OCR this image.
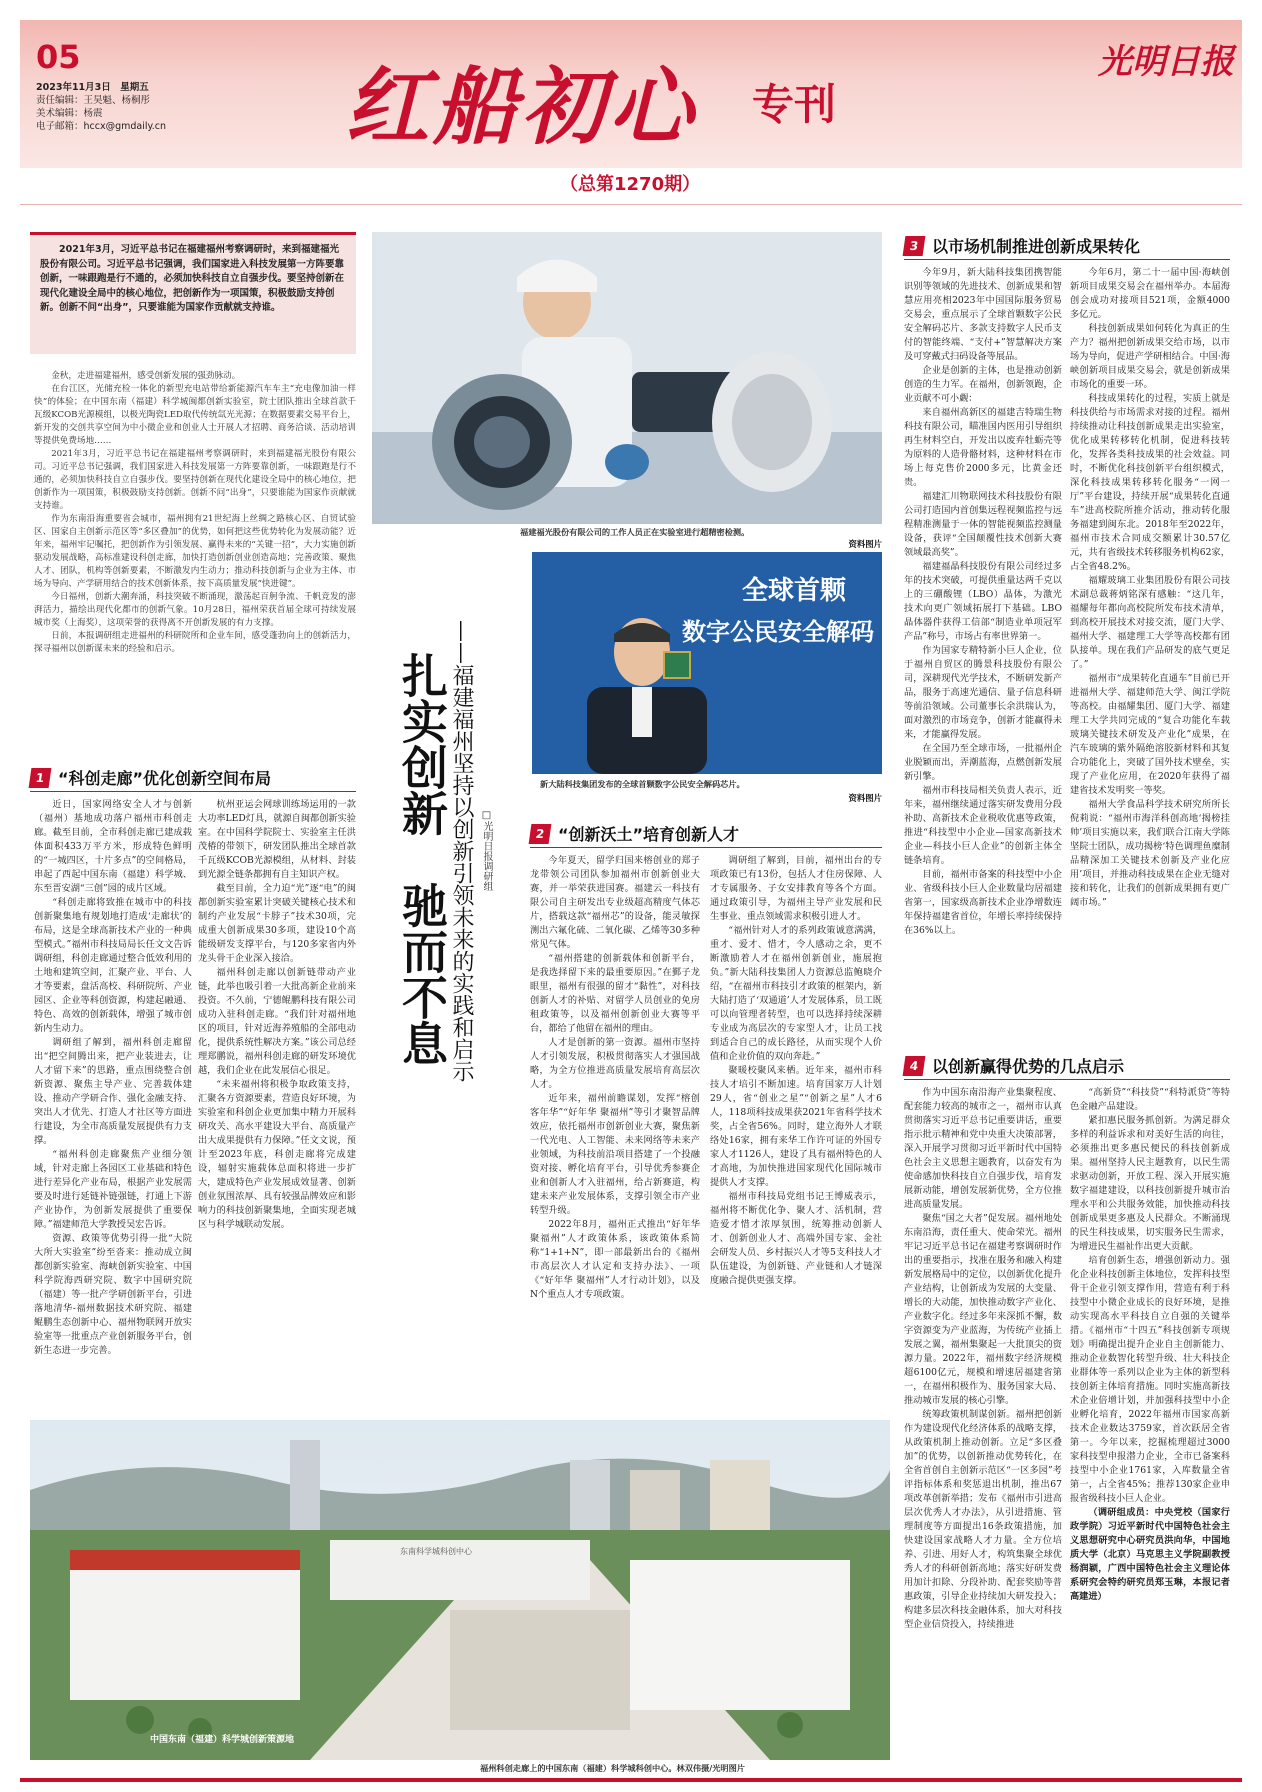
05
2023年11月3日　星期五
责任编辑：王昊魁、杨桐彤
美术编辑：杨震
电子邮箱：hccx@gmdaily.cn 红船初心 专刊
光明日报
（总第1270期）
2021年3月，习近平总书记在福建福州考察调研时，来到福建福光股份有限公司。习近平总书记强调，我们国家进入科技发展第一方阵要靠创新，一味跟跑是行不通的，必须加快科技自立自强步伐。要坚持创新在现代化建设全局中的核心地位，把创新作为一项国策，积极鼓励支持创新。创新不问“出身”，只要谁能为国家作贡献就支持谁。

金秋，走进福建福州，感受创新发展的强劲脉动。

在台江区，光储充检一体化的新型充电站带给新能源汽车车主“充电像加油一样快”的体验；在中国东南（福建）科学城闽都创新实验室，院士团队推出全球首款千瓦级KCOB光源模组，以极光陶瓷LED取代传统氙光光源；在数据要素交易平台上，新开发的交创共享空间为中小微企业和创业人士开展人才招聘、商务洽谈、活动培训等提供免费场地……

2021年3月，习近平总书记在福建福州考察调研时，来到福建福光股份有限公司。习近平总书记强调，我们国家进入科技发展第一方阵要靠创新，一味跟跑是行不通的，必须加快科技自立自强步伐。要坚持创新在现代化建设全局中的核心地位，把创新作为一项国策，积极鼓励支持创新。创新不问“出身”，只要谁能为国家作贡献就支持谁。

作为东南沿海重要省会城市，福州拥有21世纪海上丝绸之路核心区、自贸试验区、国家自主创新示范区等“多区叠加”的优势，如何把这些优势转化为发展动能？近年来，福州牢记嘱托，把创新作为引领发展、赢得未来的“关键一招”，大力实施创新驱动发展战略，高标准建设科创走廊，加快打造创新创业创造高地；完善政策、聚焦人才、团队，机构等创新要素，不断激发内生动力；推动科技创新与企业为主体、市场为导向、产学研用结合的技术创新体系，按下高质量发展“快进键”。

今日福州，创新大潮奔涌，科技突破不断涌现，激荡起百舸争流、千帆竞发的澎湃活力，描绘出现代化都市的创新气象。10月28日，福州荣获首届全球可持续发展城市奖（上海奖），这项荣誉的获得离不开创新发展的有力支撑。

日前，本报调研组走进福州的科研院所和企业车间，感受蓬勃向上的创新活力，探寻福州以创新谋未来的经验和启示。

扎实创新　驰而不息 ——福建福州坚持以创新引领未来的实践和启示 □光明日报调研组
福建福光股份有限公司的工作人员正在实验室进行超精密检测。
资料图片
全球首颗
数字公民安全解码
新大陆科技集团发布的全球首颗数字公民安全解码芯片。
资料图片
1 “科创走廊”优化创新空间布局

近日，国家网络安全人才与创新（福州）基地成功落户福州市科创走廊。截至目前，全市科创走廊已建成载体面积433万平方米，形成特色鲜明的“一城四区，十片多点”的空间格局，串起了西起中国东南（福建）科学城、东至晋安湖“三创”园的成片区域。

“科创走廊将致推在城市中的科技创新聚集地有规划地打造成‘走廊状’的布局，这是全球高新技术产业的一种典型模式。”福州市科技局局长任文文告诉调研组，科创走廊通过整合低效利用的土地和建筑空间，汇聚产业、平台、人才等要素，盘活高校、科研院所、产业园区、企业等科创资源，构建起融通、特色、高效的创新载体，增强了城市创新内生动力。

调研组了解到，福州科创走廊留出“把空间腾出来，把产业装进去，让人才留下来”的思路，重点围绕整合创新资源、聚焦主导产业、完善载体建设、推动产学研合作、强化金融支持、突出人才优先、打造人才社区等方面进行建设，为全市高质量发展提供有力支撑。

“福州科创走廊聚焦产业细分领域，针对走廊上各园区工业基础和特色进行差异化产业布局，根据产业发展需要及时进行延链补链强链，打通上下游产业协作，为创新发展提供了重要保障。”福建师范大学教授吴宏告诉。

资源、政策等优势引得一批“大院大所大实验室”纷至沓来：推动成立闽都创新实验室、海峡创新实验室、中国科学院海西研究院、数字中国研究院（福建）等一批产学研创新平台，引进落地清华-福州数据技术研究院、福建鲲鹏生态创新中心、福州物联网开放实验室等一批重点产业创新服务平台，创新生态进一步完善。

杭州亚运会网球训练场运用的一款大功率LED灯具，就源自闽都创新实验室。在中国科学院院士、实验室主任洪茂椿的带领下，研发团队推出全球首款千瓦级KCOB光源模组，从材料、封装到光源全链条都拥有自主知识产权。

截至目前，全力迫“光”逐“电”的闽都创新实验室累计突破关键核心技术和制约产业发展“卡脖子”技术30项，完成重大创新成果30多项，建设10个高能级研发支撑平台，与120多家省内外龙头骨干企业深入接洽。

福州科创走廊以创新链带动产业链，此举也吸引着一大批高新企业前来投资。不久前，宁德鲲鹏科技有限公司成功入驻科创走廊。“我们针对福州地区的项目，针对近海养殖船的全部电动化，提供系统性解决方案。”该公司总经理郑鹏说，福州科创走廊的研发环境优越，我们企业在此发展信心很足。

“未来福州将积极争取政策支持，汇聚各方资源要素，营造良好环境，为实验室和科创企业更加集中精力开展科研攻关、高水平建设大平台、高质量产出大成果提供有力保障。”任文文说，预计至2023年底，科创走廊将完成建设，辐射实施载体总面积将进一步扩大，建成特色产业发展成效显著、创新创业氛围浓厚、具有较强品牌效应和影响力的科技创新聚集地，全面实现老城区与科学城联动发展。

2 “创新沃土”培育创新人才

今年夏天，留学归国来榕创业的郑子龙带领公司团队参加福州市创新创业大赛，并一举荣获进国赛。福建云一科技有限公司自主研发出专业级超高精度气体芯片，搭载这款“福州芯”的设备，能灵敏探测出六氟化硫、二氧化碳、乙烯等30多种常见气体。

“福州搭建的创新载体和创新平台，是我选择留下来的最重要原因。”在鄞子龙眼里，福州有很强的留才“黏性”，对科技创新人才的补贴、对留学人员创业的免房租政策等，以及福州创新创业大赛等平台，都给了他留在福州的理由。

人才是创新的第一资源。福州市坚持人才引领发展，积极贯彻落实人才强国战略，为全方位推进高质量发展培育高层次人才。

近年来，福州前瞻谋划，发挥“榕创客年华”“好年华 聚福州”等引才聚智品牌效应，依托福州市创新创业大赛，聚焦新一代光电、人工智能、未来网络等未来产业领域，为科技前沿项目搭建了一个投融资对接、孵化培育平台，引导优秀参赛企业和创新人才入驻福州，给占新赛道，构建未来产业发展体系，支撑引领全市产业转型升级。

2022年8月，福州正式推出“好年华 聚福州”人才政策体系，该政策体系简称“1+1+N”，即一部最新出台的《福州市高层次人才认定和支持办法》、一项《“好年华 聚福州”人才行动计划》，以及N个重点人才专项政策。

调研组了解到，目前，福州出台的专项政策已有13份，包括人才住房保障、人才专属服务、子女安排教育等各个方面。通过政策引导，为福州主导产业发展和民生事业、重点领域需求积极引进人才。

“福州针对人才的系列政策诚意满满，重才、爱才、惜才，令人感动之余，更不断激励着人才在福州创新创业，施展抱负。”新大陆科技集团人力资源总监鲍晓介绍，“在福州市科技引才政策的框架内，新大陆打造了‘双通道’人才发展体系，员工既可以向管理者转型，也可以选择持续深耕专业成为高层次的专家型人才，让员工找到适合自己的成长路径，从而实现个人价值和企业价值的双向奔赴。”

聚暖校聚风来栖。近年来，福州市科技人才培引不断加速。培育国家万人计划29人，省“创业之星”“创新之星”人才6人，118项科技成果获2021年省科学技术奖，占全省56%。同时，建立海外人才联络处16家，拥有来华工作许可证的外国专家人才1126人，建设了具有福州特色的人才高地，为加快推进国家现代化国际城市提供人才支撑。

福州市科技局党组书记王博威表示，福州将不断优化争、聚人才、活机制，营造爱才惜才浓厚氛围，统筹推动创新人才、创新创业人才、高端外国专家、金社会研发人员、乡村振兴人才等5支科技人才队伍建设，为创新链、产业链和人才链深度融合提供更强支撑。

3 以市场机制推进创新成果转化

今年9月，新大陆科技集团携智能识别等领域的先进技术、创新成果和智慧应用亮相2023年中国国际服务贸易交易会，重点展示了全球首颗数字公民安全解码芯片、多款支持数字人民币支付的智能终端、“支付+”智慧解决方案及可穿戴式扫码设备等展品。

企业是创新的主体，也是推动创新创造的生力军。在福州，创新领跑，企业贡献不可小觑：

来自福州高新区的福建吉特瑞生物科技有限公司，瞄准国内医用引导组织再生材料空白，开发出以废弃牡蛎壳等为原料的人造骨骼材料，这种材料在市场上每克售价2000多元，比黄金还贵。

福建汇川物联网技术科技股份有限公司打造国内首创集远程视频监控与远程精准测量于一体的智能视频监控测量设备，获评“全国颠覆性技术创新大赛领域最高奖”。

福建福晶科技股份有限公司经过多年的技术突破，可提供重量达两千克以上的三硼酸锂（LBO）晶体，为激光技术向更广领域拓展打下基础。LBO晶体器件获得工信部“制造业单项冠军产品”称号，市场占有率世界第一。

作为国家专精特新小巨人企业，位于福州自贸区的腾景科技股份有限公司，深耕现代光学技术，不断研发新产品，服务于高速光通信、量子信息科研等前沿领域。公司董事长余洪瑞认为，面对激烈的市场竞争，创新才能赢得未来，才能赢得发展。

在全国乃至全球市场，一批福州企业脱颖而出，弄潮蓝海，点燃创新发展新引擎。

福州市科技局相关负责人表示，近年来，福州继续通过落实研发费用分段补助、高新技术企业税收优惠等政策，推进“科技型中小企业—国家高新技术企业—科技小巨人企业”的创新主体全链条培育。

目前，福州市备案的科技型中小企业、省级科技小巨人企业数量均居福建省第一，国家级高新技术企业净增数连年保持福建省首位，年增长率持续保持在36%以上。

今年6月，第二十一届中国·海峡创新项目成果交易会在福州举办。本届海创会成功对接项目521项，金额4000多亿元。

科技创新成果如何转化为真正的生产力？福州把创新成果交给市场，以市场为导向，促进产学研相结合。中国·海峡创新项目成果交易会，就是创新成果市场化的重要一环。

科技成果转化的过程，实质上就是科技供给与市场需求对接的过程。福州持续推动让科技创新成果走出实验室，优化成果转移转化机制，促进科技转化，发挥各类科技成果的社会效益。同时，不断优化科技创新平台组织模式，深化科技成果转移转化服务“一网一厅”平台建设，持续开展“成果转化直通车”进高校院所推介活动，推动转化服务福建到闽东北。2018年至2022年，福州市技术合同成交额累计30.57亿元，共有省级技术转移服务机构62家，占全省48.2%。

福耀玻璃工业集团股份有限公司技术副总裁蒋炳铭深有感触：“这几年，福耀每年都向高校院所发布技术清单，到高校开展技术对接交流，厦门大学、福州大学、福建理工大学等高校都有团队接单。现在我们产品研发的底气更足了。”

福州市“成果转化直通车”目前已开进福州大学、福建师范大学、闽江学院等高校。由福耀集团、厦门大学、福建理工大学共同完成的“复合功能化车载玻璃关键技术研发及产业化”成果，在汽车玻璃的紫外隔绝溶胶新材料和其复合功能化上，突破了国外技术壁垒，实现了产业化应用，在2020年获得了福建省技术发明奖一等奖。

福州大学食品科学技术研究所所长倪莉说：“福州市海洋科创高地‘揭榜挂帅’项目实施以来，我们联合江南大学陈坚院士团队，成功揭榜‘特色调理鱼糜制品精深加工关键技术创新及产业化应用’项目，并推动科技成果在企业无缝对接和转化，让我们的创新成果拥有更广阔市场。”

4 以创新赢得优势的几点启示

作为中国东南沿海产业集聚程度、配套能力较高的城市之一，福州市认真贯彻落实习近平总书记重要讲话，重要指示批示精神和党中央重大决策部署，深入开展学习贯彻习近平新时代中国特色社会主义思想主题教育，以奋发有为使命感加快科技自立自强步伐，培育发展新动能，增创发展新优势，全方位推进高质量发展。

聚焦“国之大者”促发展。福州地处东南沿海，责任重大、使命荣光。福州牢记习近平总书记在福建考察调研时作出的重要指示，找准在服务和融入构建新发展格局中的定位，以创新优化提升产业结构，让创新成为发展的大变量、增长的大动能，加快推动数字产业化、产业数字化。经过多年来深抓不懈，数字资源变为产业蓝海，为传统产业插上发展之翼，福州集聚起一大批顶尖的资源力量。2022年，福州数字经济规模超6100亿元，规模和增速居福建省第一，在福州积极作为、服务国家大局、推动城市发展的核心引擎。

统筹政策机制谋创新。福州把创新作为建设现代化经济体系的战略支撑，从政策机制上推动创新。立足“多区叠加”的优势，以创新推动优势转化，在全省首创自主创新示范区“一区多园”考评指标体系和奖惩退出机制，推出67项改革创新举措；发布《福州市引进高层次优秀人才办法》，从引进措施、管理制度等方面提出16条政策措施，加快建设国家战略人才力量。全方位培养、引进、用好人才，构筑集聚全球优秀人才的科研创新高地；落实好研发费用加计扣除、分段补助、配套奖励等普惠政策，引导企业持续加大研发投入；构建多层次科技金融体系，加大对科技型企业信贷投入，持续推进

“高新贷”“科技贷”“科特派贷”等特色金融产品建设。

紧扣惠民服务抓创新。为满足群众多样的利益诉求和对美好生活的向往，必须推出更多惠民便民的科技创新成果。福州坚持人民主题教育，以民生需求驱动创新，开放工程、深入开展实施数字福建建设，以科技创新提升城市治理水平和公共服务效能，加快推动科技创新成果更多惠及人民群众。不断涌现的民生科技成果，切实服务民生需求，为增进民生福祉作出更大贡献。

培育创新生态，增强创新动力。强化企业科技创新主体地位，发挥科技型骨干企业引领支撑作用，营造有利于科技型中小微企业成长的良好环境，是推动实现高水平科技自立自强的关键举措。《福州市“十四五”科技创新专项规划》明确提出提升企业自主创新能力、推动企业数智化转型升级、壮大科技企业群体等一系列以企业为主体的新型科技创新主体培育措施。同时实施高新技术企业倍增计划，并加强科技型中小企业孵化培育，2022年福州市国家高新技术企业数达3759家，首次跃居全省第一。今年以来，挖掘梳理超过3000家科技型申报潜力企业，全市已备案科技型中小企业1761家，入库数量全省第一，占全省45%；推荐130家企业申报省级科技小巨人企业。

（调研组成员：中央党校（国家行政学院）习近平新时代中国特色社会主义思想研究中心研究员洪向华，中国地质大学（北京）马克思主义学院副教授杨润颖，广西中国特色社会主义理论体系研究会特约研究员郑玉琳，本报记者高建进）

东南科学城科创中心
中国东南（福建）科学城创新策源地
福州科创走廊上的中国东南（福建）科学城科创中心。林双伟摄/光明图片
